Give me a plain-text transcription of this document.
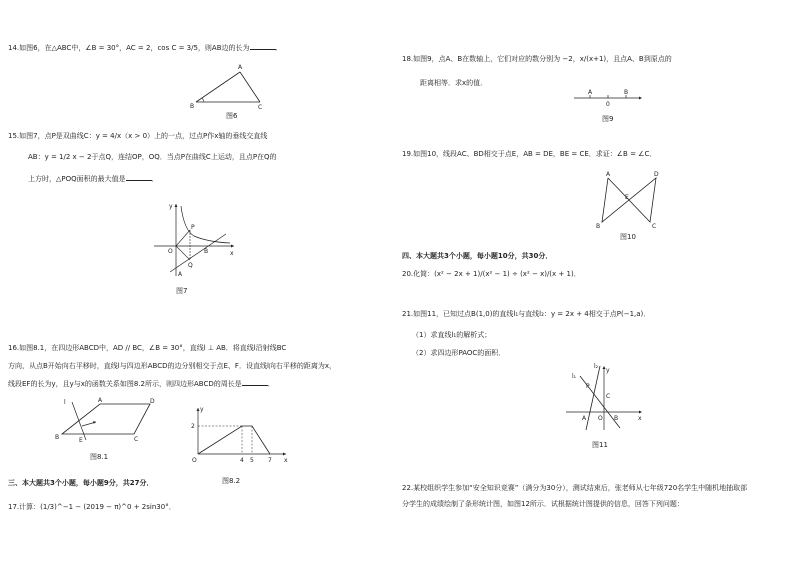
14.如图6，在△ABC中，∠B = 30°，AC = 2，cos C = 3/5，则AB边的长为	．
A
B	C
图6
15.如图7，点P是双曲线C：y = 4/x（x > 0）上的一点，过点P作x轴的垂线交直线
AB：y = 1/2 x − 2于点Q，连结OP，OQ．当点P在曲线C上运动，且点P在Q的
上方时，△POQ面积的最大值是	．
y
P
O
Q
B	x
A
图7
16.如图8.1，在四边形ABCD中，AD // BC，∠B = 30°，直线l ⊥ AB．将直线l沿射线BC
方向，从点B开始向右平移时，直线l与四边形ABCD的边分别相交于点E、F．设直线l向右平移的距离为x，
线段EF的长为y，且y与x的函数关系如图8.2所示，则四边形ABCD的周长是	．
l	A	D
B	E	C
图8.1
y
2
O	4 5 7 x
图8.2
三、本大题共3个小题，每小题9分，共27分．
17.计算：(1/3)^−1 − (2019 − π)^0 + 2sin30°．
18.如图9，点A、B在数轴上，它们对应的数分别为 −2，x/(x+1)，且点A、B到原点的
距离相等．求x的值．
A
0
B
图9
19.如图10，线段AC、BD相交于点E，AB = DE，BE = CE．求证：∠B = ∠C．
A	D
E
B	C
图10
四、本大题共3个小题，每小题10分，共30分．
20.化简：(x² − 2x + 1)/(x² − 1) ÷ (x² − x)/(x + 1)．
21.如图11，已知过点B(1,0)的直线l₁与直线l₂：y = 2x + 4相交于点P(−1,a)．
（1）求直线l₁的解析式；
（2）求四边形PAOC的面积．
l₂
l₁
y
P
C
A O B	x
图11
22.某校组织学生参加“安全知识竞赛”（满分为30分），测试结束后，张老师从七年级720名学生中随机地抽取部
分学生的成绩绘制了条形统计图，如图12所示．试根据统计图提供的信息，回答下列问题：
